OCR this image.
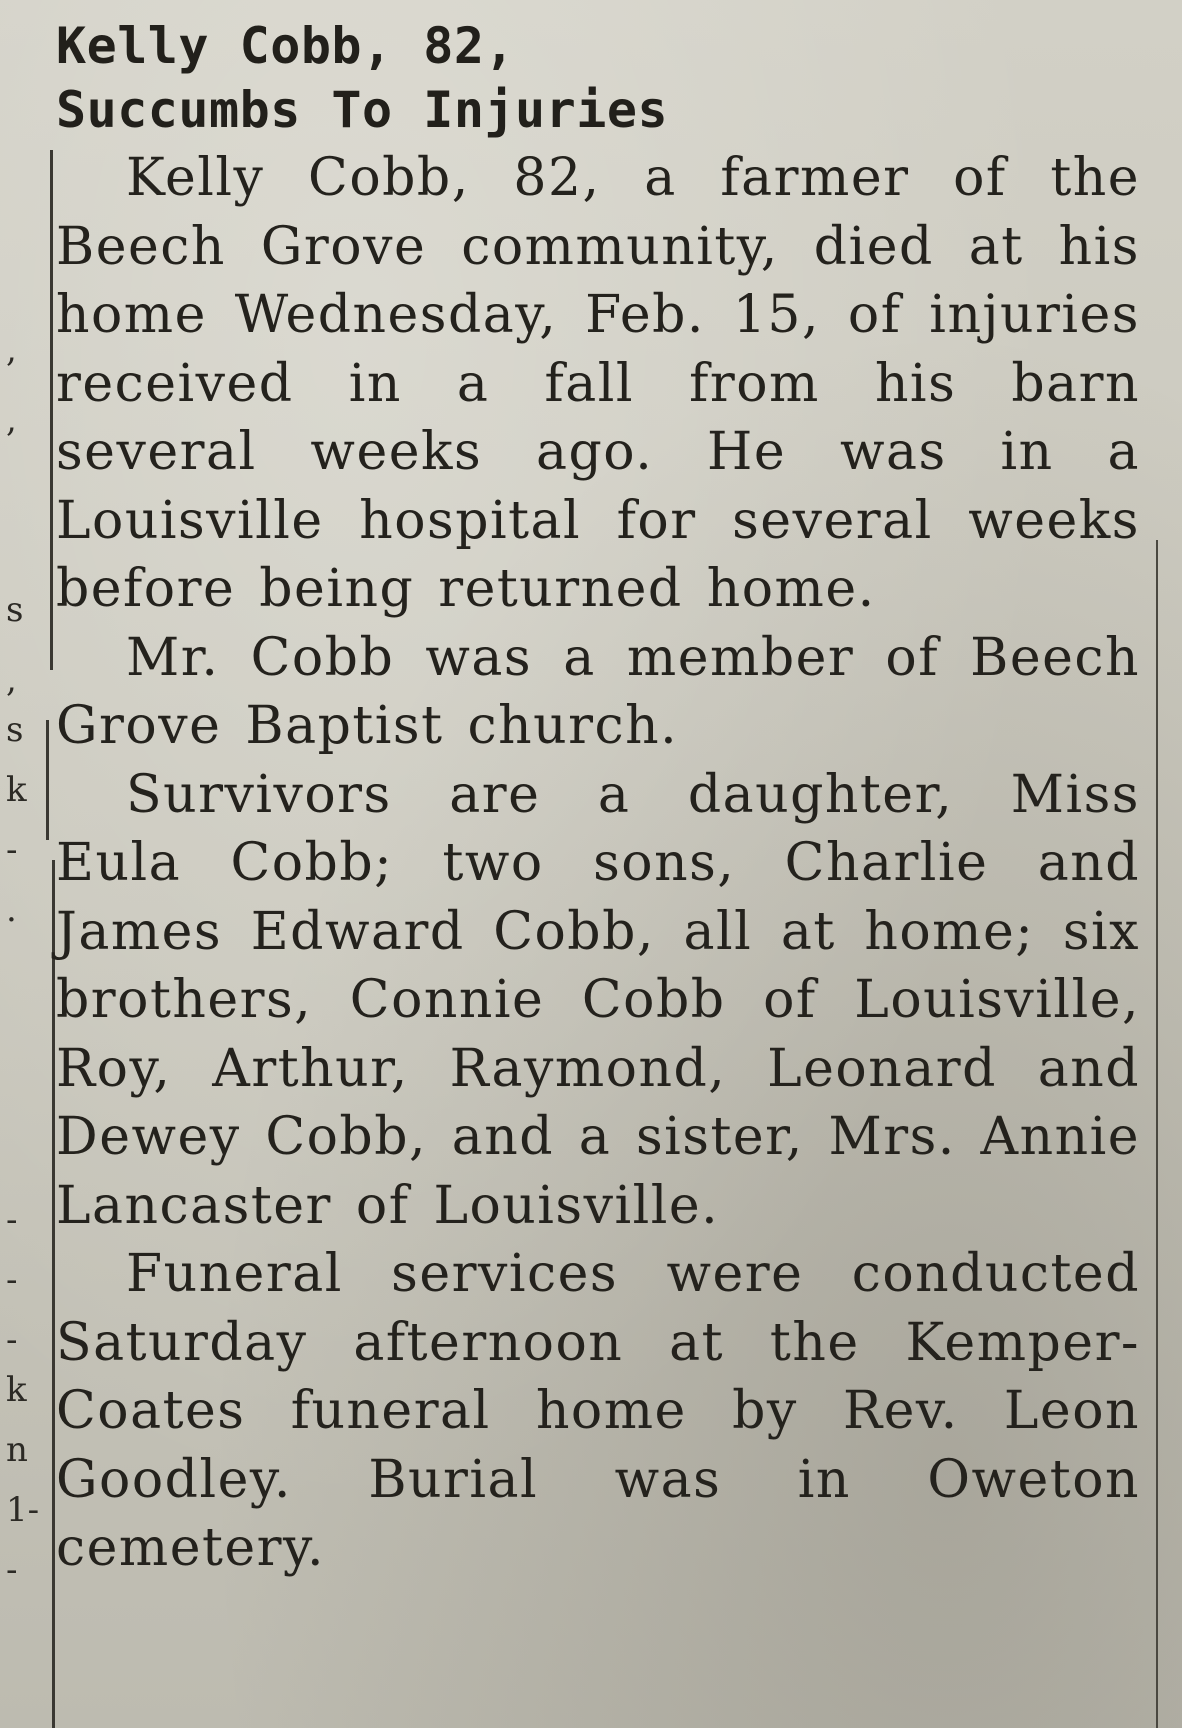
,
,
s
,
s
k
-
.
-
-
-
k
n
1-
-
Kelly Cobb, 82,
Succumbs To Injuries

Kelly Cobb, 82, a farmer of the Beech Grove community, died at his home Wednesday, Feb. 15, of injuries received in a fall from his barn several weeks ago. He was in a Louisville hospital for several weeks before being returned home.

Mr. Cobb was a member of Beech Grove Baptist church.

Survivors are a daughter, Miss Eula Cobb; two sons, Charlie and James Edward Cobb, all at home; six brothers, Connie Cobb of Louisville, Roy, Arthur, Raymond, Leonard and Dewey Cobb, and a sister, Mrs. Annie Lancaster of Louisville.

Funeral services were conducted Saturday afternoon at the Kemper-Coates funeral home by Rev. Leon Goodley. Burial was in Oweton cemetery.
